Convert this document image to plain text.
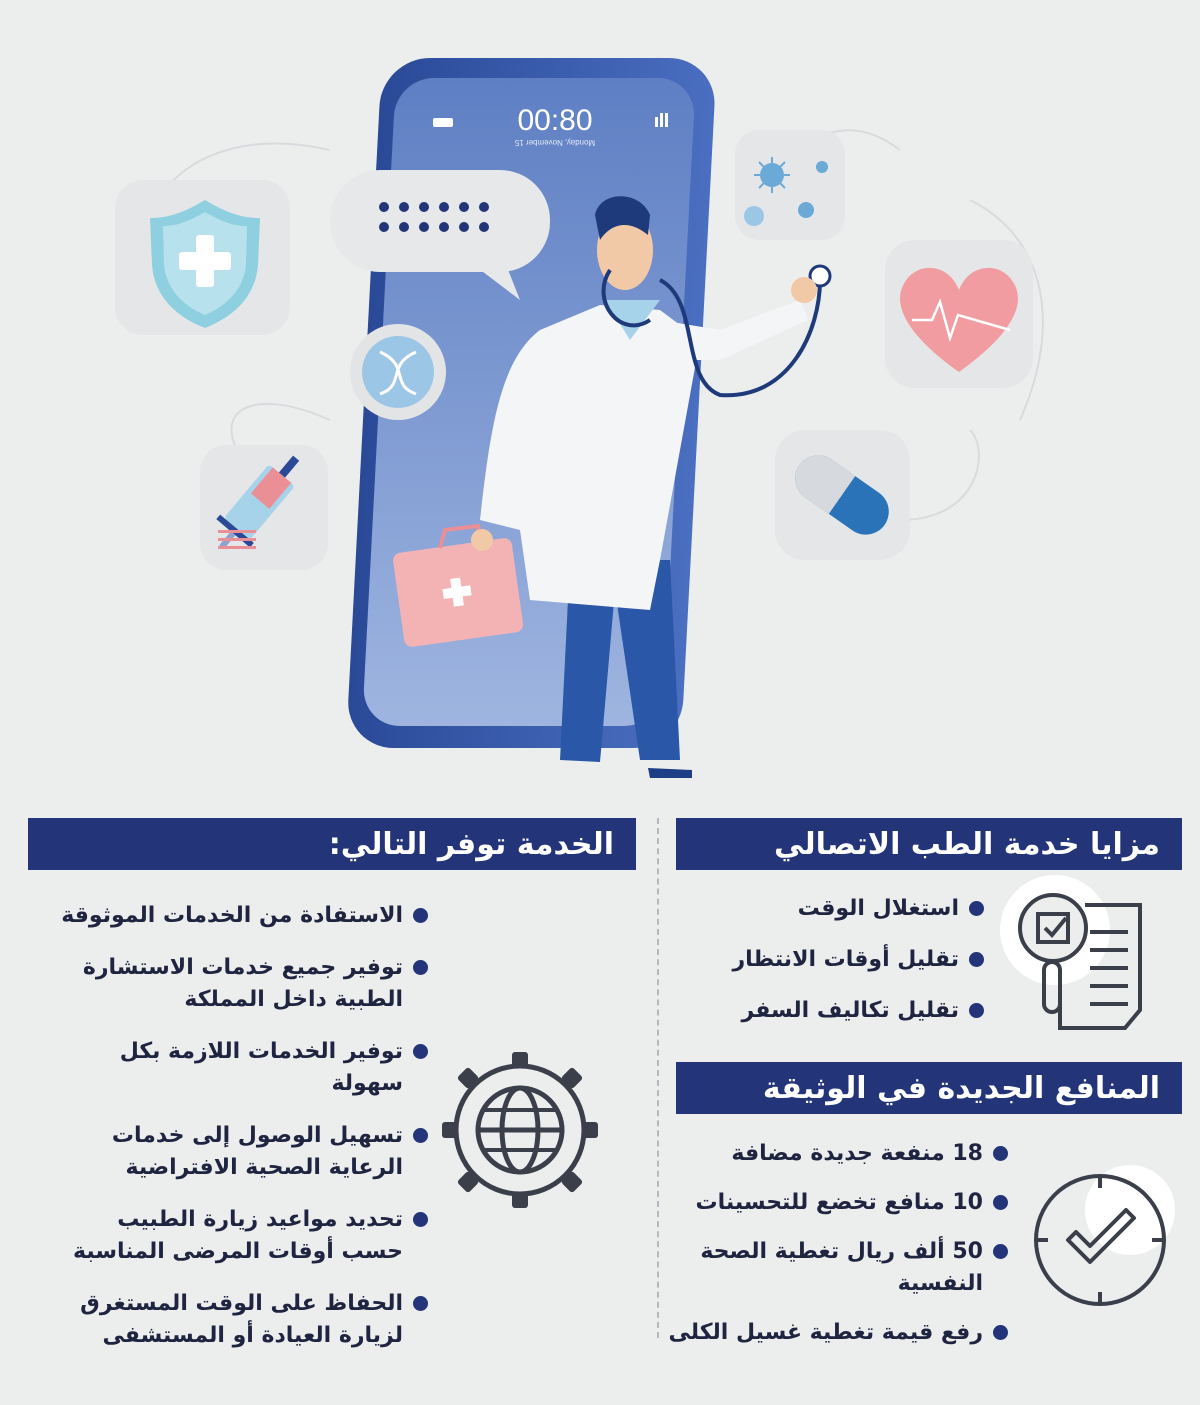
00:80
Monday, November 15
مزايا خدمة الطب الاتصالي
استغلال الوقت
تقليل أوقات الانتظار
تقليل تكاليف السفر
المنافع الجديدة في الوثيقة
18 منفعة جديدة مضافة
10 منافع تخضع للتحسينات
50 ألف ريال تغطية الصحة
النفسية
رفع قيمة تغطية غسيل الكلى
الخدمة توفر التالي:
الاستفادة من الخدمات الموثوقة
توفير جميع خدمات الاستشارة
الطبية داخل المملكة
توفير الخدمات اللازمة بكل
سهولة
تسهيل الوصول إلى خدمات
الرعاية الصحية الافتراضية
تحديد مواعيد زيارة الطبيب
حسب أوقات المرضى المناسبة
الحفاظ على الوقت المستغرق
لزيارة العيادة أو المستشفى
